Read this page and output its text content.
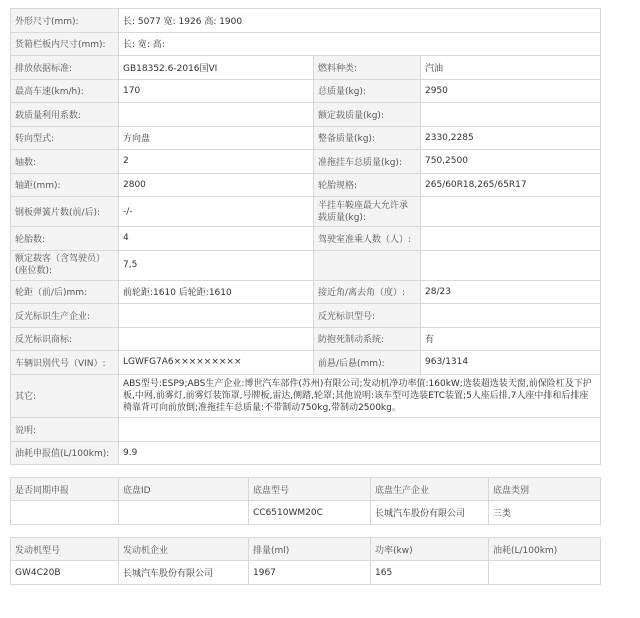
外形尺寸(mm):	长: 5077 宽: 1926 高: 1900		
货箱栏板内尺寸(mm):	长: 宽: 高:		
排放依据标准:	GB18352.6-2016国VI	燃料种类:	汽油
最高车速(km/h):	170	总质量(kg):	2950
载质量利用系数:		额定载质量(kg):	
转向型式:	方向盘	整备质量(kg):	2330,2285
轴数:	2	准拖挂车总质量(kg):	750,2500
轴距(mm):	2800	轮胎规格:	265/60R18,265/65R17
钢板弹簧片数(前/后):	-/-	半挂车鞍座最大允许承载质量(kg):	
轮胎数:	4	驾驶室准乘人数（人）:	
额定载客（含驾驶员）(座位数):	7,5		
轮距（前/后)mm:	前轮距:1610 后轮距:1610	接近角/离去角（度）:	28/23
反光标识生产企业:		反光标识型号:	
反光标识商标:		防抱死制动系统:	有
车辆识别代号（VIN）:	LGWFG7A6×××××××××	前悬/后悬(mm):	963/1314
其它:	ABS型号:ESP9;ABS生产企业:博世汽车部件(苏州)有限公司;发动机净功率值:160kW;选装超选装天窗,前保险杠及下护板,中网,前雾灯,前雾灯装饰罩,号牌板,雷达,侧踏,轮罩;其他说明:该车型可选装ETC装置;5人座后排,7人座中排和后排座椅靠背可向前放倒;准拖挂车总质量:不带制动750kg,带制动2500kg。		
说明:			
油耗申报值(L/100km):	9.9		
是否同期申报	底盘ID	底盘型号	底盘生产企业	底盘类别
		CC6510WM20C	长城汽车股份有限公司	三类
发动机型号	发动机企业	排量(ml)	功率(kw)	油耗(L/100km)
GW4C20B	长城汽车股份有限公司	1967	165	
